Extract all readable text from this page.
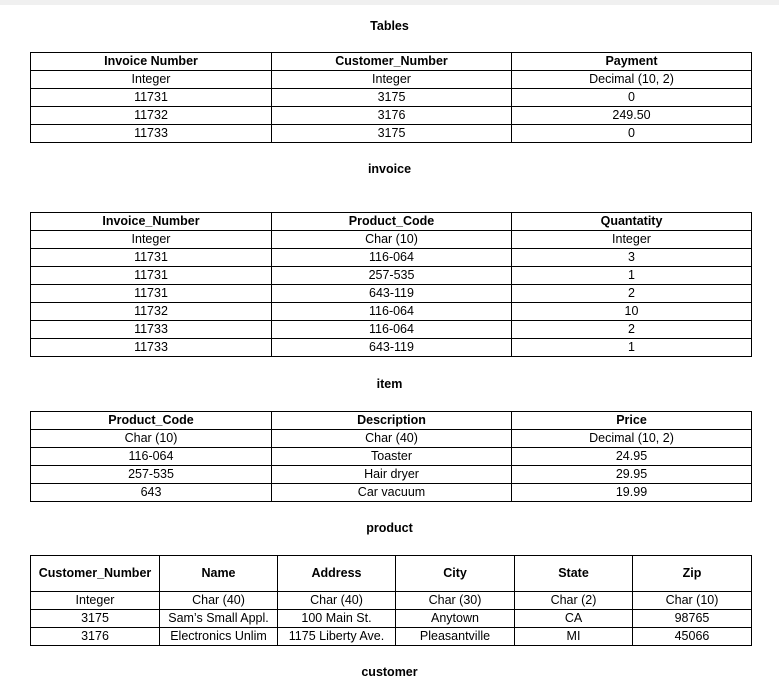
Tables
Invoice Number	Customer_Number	Payment
Integer	Integer	Decimal (10, 2)
11731	3175	0
11732	3176	249.50
11733	3175	0
invoice
Invoice_Number	Product_Code	Quantatity
Integer	Char (10)	Integer
11731	116-064	3
11731	257-535	1
11731	643-119	2
11732	116-064	10
11733	116-064	2
11733	643-119	1
item
Product_Code	Description	Price
Char (10)	Char (40)	Decimal (10, 2)
116-064	Toaster	24.95
257-535	Hair dryer	29.95
643	Car vacuum	19.99
product
Customer_Number	Name	Address	City	State	Zip
Integer	Char (40)	Char (40)	Char (30)	Char (2)	Char (10)
3175	Sam’s Small Appl.	100 Main St.	Anytown	CA	98765
3176	Electronics Unlim	1175 Liberty Ave.	Pleasantville	MI	45066
customer
